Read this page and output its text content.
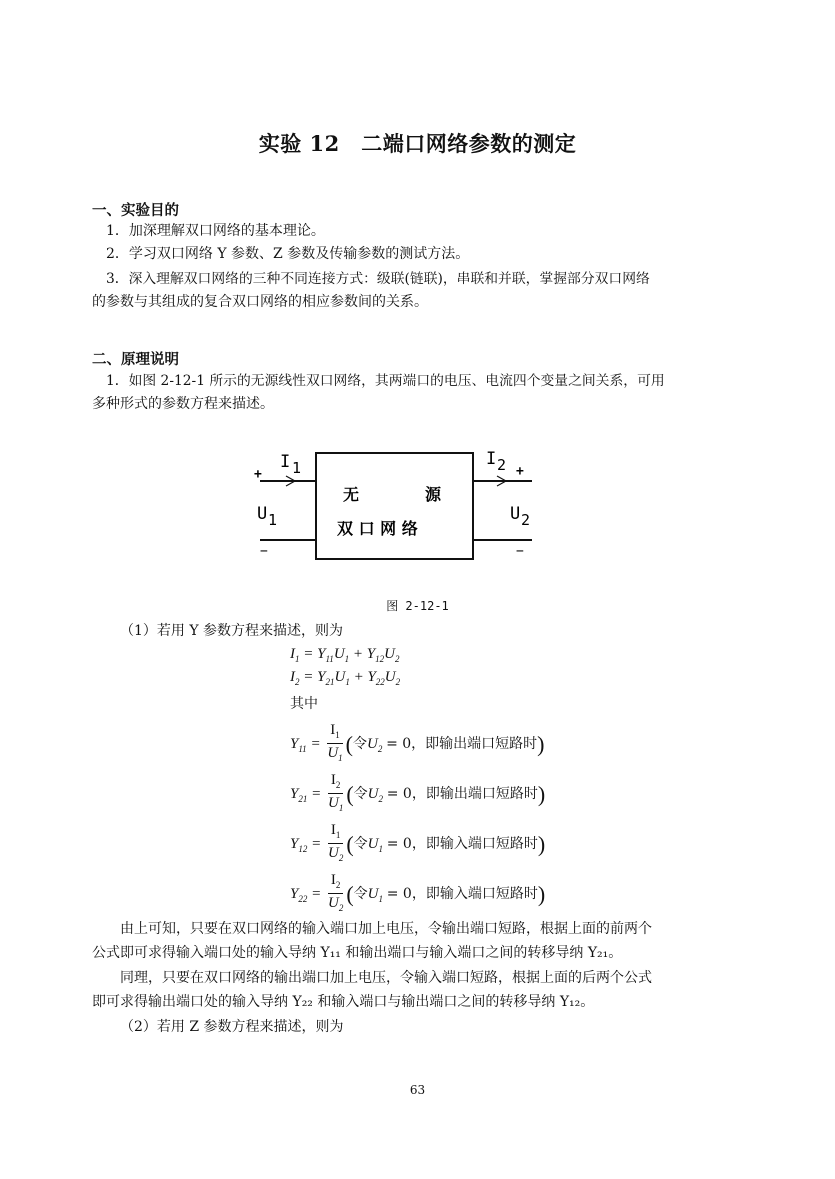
实验 12　二端口网络参数的测定
一、实验目的
1．加深理解双口网络的基本理论。
2．学习双口网络 Y 参数、Z 参数及传输参数的测试方法。
3．深入理解双口网络的三种不同连接方式：级联(链联)，串联和并联，掌握部分双口网络
的参数与其组成的复合双口网络的相应参数间的关系。
二、原理说明
1．如图 2-12-1 所示的无源线性双口网络，其两端口的电压、电流四个变量之间关系，可用
多种形式的参数方程来描述。
+
−
+
−
I 1	I 2
U 1	U 2
无	源
双 口 网 络
图 2-12-1
（1）若用 Y 参数方程来描述，则为
$I_1 = Y_{11}U_1 + Y_{12}U_2$
$I_2 = Y_{21}U_1 + Y_{22}U_2$
其中
$Y_{11} = \frac{I_1}{U_1}$ (令$U_2 = 0$，即输出端口短路时)
$Y_{21} = \frac{I_2}{U_1}$ (令$U_2 = 0$，即输出端口短路时)
$Y_{12} = \frac{I_1}{U_2}$ (令$U_1 = 0$，即输入端口短路时)
$Y_{22} = \frac{I_2}{U_2}$ (令$U_1 = 0$，即输入端口短路时)
由上可知，只要在双口网络的输入端口加上电压，令输出端口短路，根据上面的前两个
公式即可求得输入端口处的输入导纳 Y₁₁ 和输出端口与输入端口之间的转移导纳 Y₂₁。
同理，只要在双口网络的输出端口加上电压，令输入端口短路，根据上面的后两个公式
即可求得输出端口处的输入导纳 Y₂₂ 和输入端口与输出端口之间的转移导纳 Y₁₂。
（2）若用 Z 参数方程来描述，则为
63
